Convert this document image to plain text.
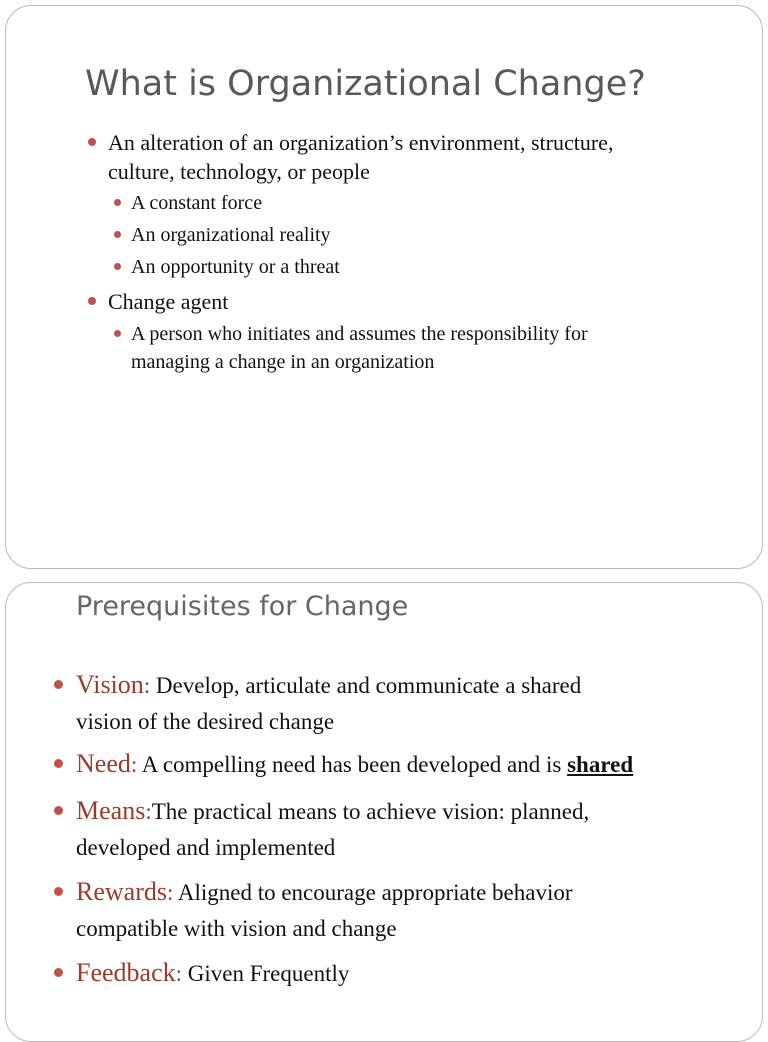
What is Organizational Change?
An alteration of an organization’s environment, structure,
culture, technology, or people
A constant force
An organizational reality
An opportunity or a threat
Change agent
A person who initiates and assumes the responsibility for
managing a change in an organization
Prerequisites for Change
Vision: Develop, articulate and communicate a shared
vision of the desired change
Need: A compelling need has been developed and is shared
Means:The practical means to achieve vision: planned,
developed and implemented
Rewards: Aligned to encourage appropriate behavior
compatible with vision and change
Feedback: Given Frequently
